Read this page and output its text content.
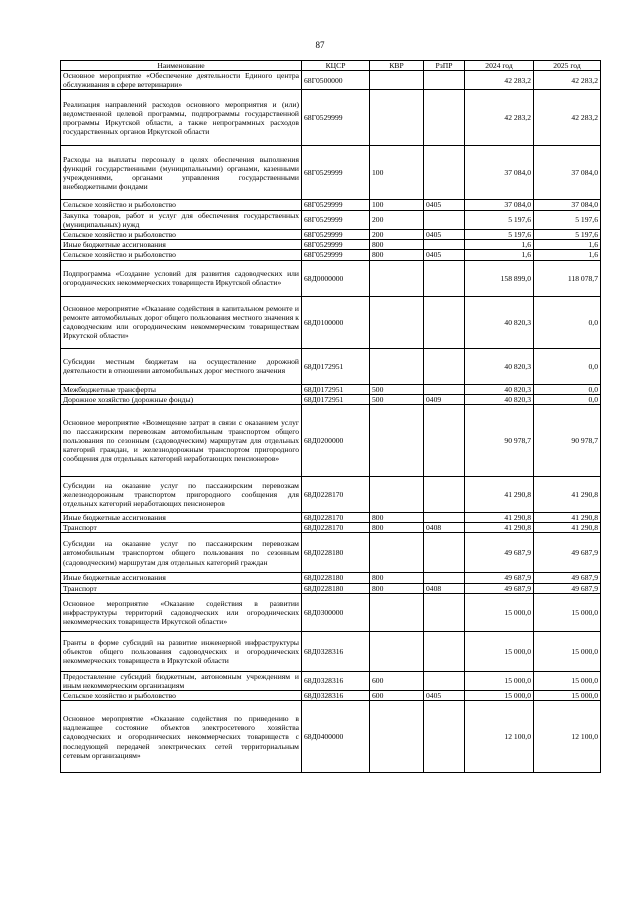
87
Наименование	КЦСР	КВР	РзПР	2024 год	2025 год
Основное мероприятие «Обеспечение деятельности Единого центра обслуживания в сфере ветеринарии»	68Г0500000			42 283,2	42 283,2
Реализация направлений расходов основного мероприятия и (или) ведомственной целевой программы, подпрограммы государственной программы Иркутской области, а также непрограммных расходов государственных органов Иркутской области	68Г0529999			42 283,2	42 283,2
Расходы на выплаты персоналу в целях обеспечения выполнения функций государственными (муниципальными) органами, казенными учреждениями, органами управления государственными внебюджетными фондами	68Г0529999	100		37 084,0	37 084,0
Сельское хозяйство и рыболовство	68Г0529999	100	0405	37 084,0	37 084,0
Закупка товаров, работ и услуг для обеспечения государственных (муниципальных) нужд	68Г0529999	200		5 197,6	5 197,6
Сельское хозяйство и рыболовство	68Г0529999	200	0405	5 197,6	5 197,6
Иные бюджетные ассигнования	68Г0529999	800		1,6	1,6
Сельское хозяйство и рыболовство	68Г0529999	800	0405	1,6	1,6
Подпрограмма «Создание условий для развития садоводческих или огороднических некоммерческих товариществ Иркутской области»	68Д0000000			158 899,0	118 078,7
Основное мероприятие «Оказание содействия в капитальном ремонте и ремонте автомобильных дорог общего пользования местного значения к садоводческим или огородническим некоммерческим товариществам Иркутской области»	68Д0100000			40 820,3	0,0
Субсидии местным бюджетам на осуществление дорожной деятельности в отношении автомобильных дорог местного значения	68Д0172951			40 820,3	0,0
Межбюджетные трансферты	68Д0172951	500		40 820,3	0,0
Дорожное хозяйство (дорожные фонды)	68Д0172951	500	0409	40 820,3	0,0
Основное мероприятие «Возмещение затрат в связи с оказанием услуг по пассажирским перевозкам автомобильным транспортом общего пользования по сезонным (садоводческим) маршрутам для отдельных категорий граждан, и железнодорожным транспортом пригородного сообщения для отдельных категорий неработающих пенсионеров»	68Д0200000			90 978,7	90 978,7
Субсидии на оказание услуг по пассажирским перевозкам железнодорожным транспортом пригородного сообщения для отдельных категорий неработающих пенсионеров	68Д0228170			41 290,8	41 290,8
Иные бюджетные ассигнования	68Д0228170	800		41 290,8	41 290,8
Транспорт	68Д0228170	800	0408	41 290,8	41 290,8
Субсидии на оказание услуг по пассажирским перевозкам автомобильным транспортом общего пользования по сезонным (садоводческим) маршрутам для отдельных категорий граждан	68Д0228180			49 687,9	49 687,9
Иные бюджетные ассигнования	68Д0228180	800		49 687,9	49 687,9
Транспорт	68Д0228180	800	0408	49 687,9	49 687,9
Основное мероприятие «Оказание содействия в развитии инфраструктуры территорий садоводческих или огороднических некоммерческих товариществ Иркутской области»	68Д0300000			15 000,0	15 000,0
Гранты в форме субсидий на развитие инженерной инфраструктуры объектов общего пользования садоводческих и огороднических некоммерческих товариществ в Иркутской области	68Д0328316			15 000,0	15 000,0
Предоставление субсидий бюджетным, автономным учреждениям и иным некоммерческим организациям	68Д0328316	600		15 000,0	15 000,0
Сельское хозяйство и рыболовство	68Д0328316	600	0405	15 000,0	15 000,0
Основное мероприятие «Оказание содействия по приведению в надлежащее состояние объектов электросетевого хозяйства садоводческих и огороднических некоммерческих товариществ с последующей передачей электрических сетей территориальным сетевым организациям»	68Д0400000			12 100,0	12 100,0
